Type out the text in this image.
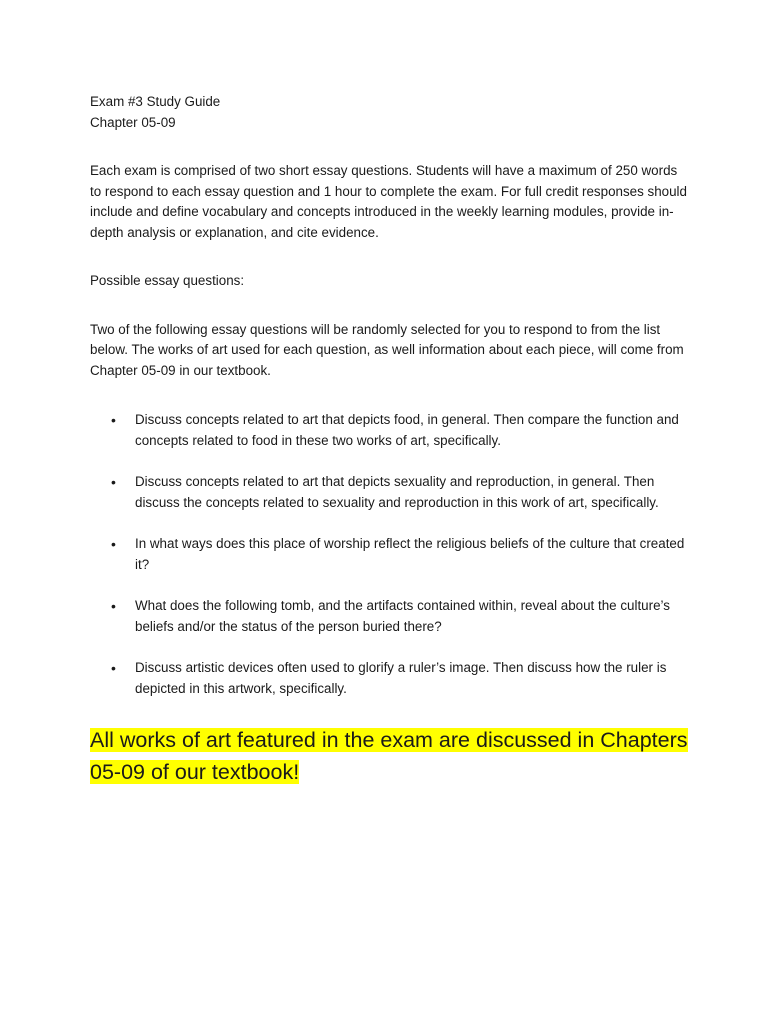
Exam #3 Study Guide

Chapter 05-09

Each exam is comprised of two short essay questions. Students will have a maximum of 250 words to respond to each essay question and 1 hour to complete the exam. For full credit responses should include and define vocabulary and concepts introduced in the weekly learning modules, provide in-depth analysis or explanation, and cite evidence.

Possible essay questions:

Two of the following essay questions will be randomly selected for you to respond to from the list below. The works of art used for each question, as well information about each piece, will come from Chapter 05-09 in our textbook.

• Discuss concepts related to art that depicts food, in general. Then compare the function and concepts related to food in these two works of art, specifically.
• Discuss concepts related to art that depicts sexuality and reproduction, in general. Then discuss the concepts related to sexuality and reproduction in this work of art, specifically.
• In what ways does this place of worship reflect the religious beliefs of the culture that created it?
• What does the following tomb, and the artifacts contained within, reveal about the culture’s beliefs and/or the status of the person buried there?
• Discuss artistic devices often used to glorify a ruler’s image. Then discuss how the ruler is depicted in this artwork, specifically.
All works of art featured in the exam are discussed in Chapters 05-09 of our textbook!
